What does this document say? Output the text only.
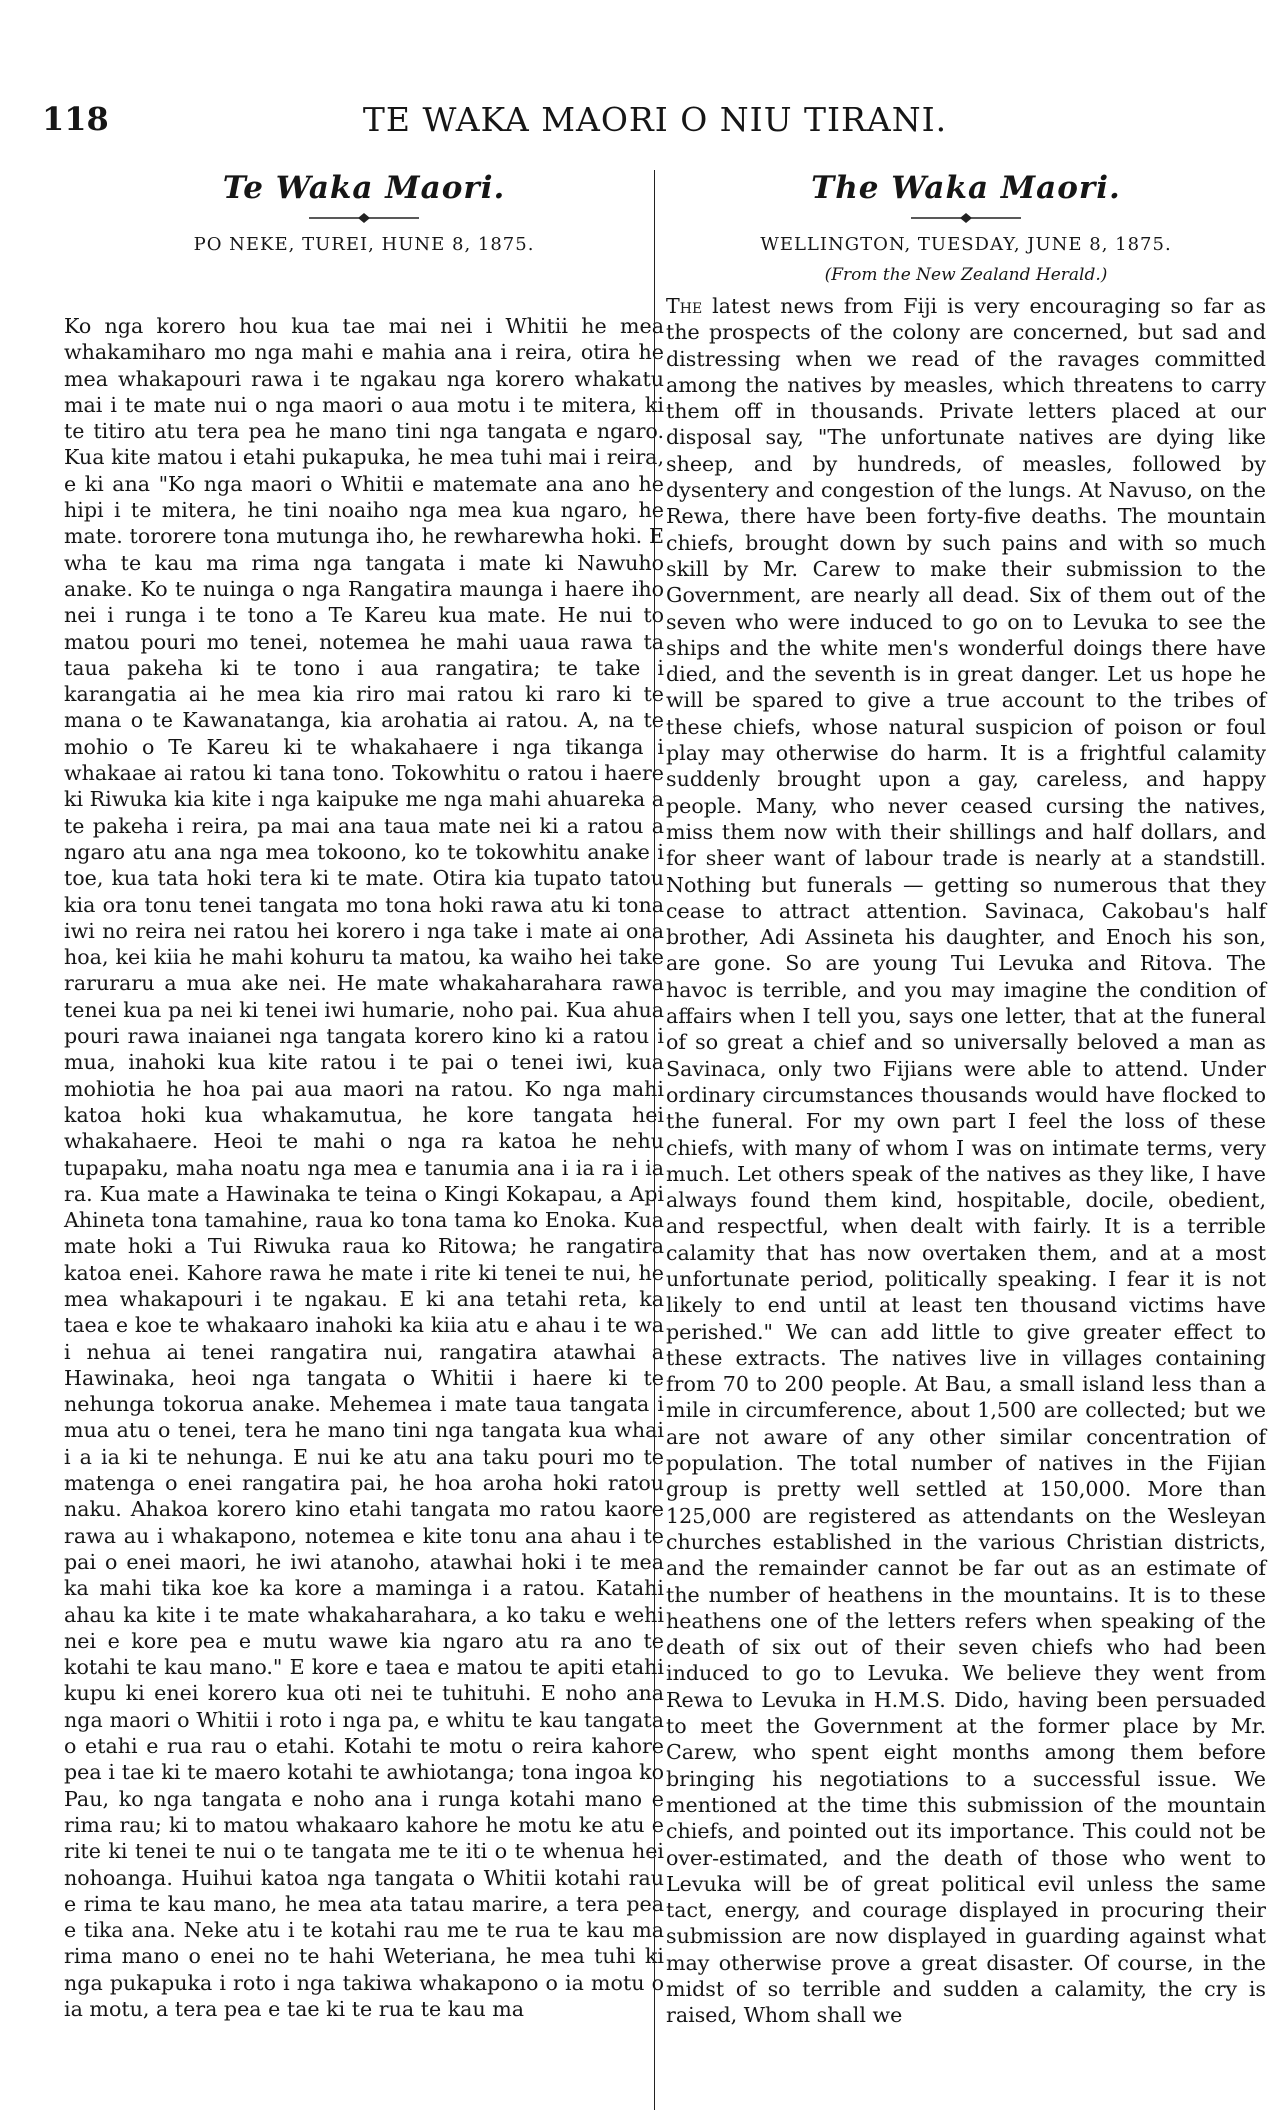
118	TE WAKA MAORI O NIU TIRANI.
Te Waka Maori.
PO NEKE, TUREI, HUNE 8, 1875.

Ko nga korero hou kua tae mai nei i Whitii he mea whakamiharo mo nga mahi e mahia ana i reira, otira he mea whakapouri rawa i te ngakau nga korero whakatu mai i te mate nui o nga maori o aua motu i te mitera, ki te titiro atu tera pea he mano tini nga tangata e ngaro. Kua kite matou i etahi pukapuka, he mea tuhi mai i reira, e ki ana "Ko nga maori o Whitii e matemate ana ano he hipi i te mitera, he tini noaiho nga mea kua ngaro, he mate. tororere tona mutunga iho, he rewharewha hoki. E wha te kau ma rima nga tangata i mate ki Nawuho anake. Ko te nuinga o nga Rangatira maunga i haere iho nei i runga i te tono a Te Kareu kua mate. He nui to matou pouri mo tenei, notemea he mahi uaua rawa ta taua pakeha ki te tono i aua rangatira; te take i karangatia ai he mea kia riro mai ratou ki raro ki te mana o te Kawanatanga, kia arohatia ai ratou. A, na te mohio o Te Kareu ki te whakahaere i nga tikanga i whakaae ai ratou ki tana tono. Tokowhitu o ratou i haere ki Riwuka kia kite i nga kaipuke me nga mahi ahuareka a te pakeha i reira, pa mai ana taua mate nei ki a ratou a ngaro atu ana nga mea tokoono, ko te tokowhitu anake i toe, kua tata hoki tera ki te mate. Otira kia tupato tatou kia ora tonu tenei tangata mo tona hoki rawa atu ki tona iwi no reira nei ratou hei korero i nga take i mate ai ona hoa, kei kiia he mahi kohuru ta matou, ka waiho hei take raruraru a mua ake nei. He mate whakaharahara rawa tenei kua pa nei ki tenei iwi humarie, noho pai. Kua ahua pouri rawa inaianei nga tangata korero kino ki a ratou i mua, inahoki kua kite ratou i te pai o tenei iwi, kua mohiotia he hoa pai aua maori na ratou. Ko nga mahi katoa hoki kua whakamutua, he kore tangata hei whakahaere. Heoi te mahi o nga ra katoa he nehu tupapaku, maha noatu nga mea e tanumia ana i ia ra i ia ra. Kua mate a Hawinaka te teina o Kingi Kokapau, a Api Ahineta tona tamahine, raua ko tona tama ko Enoka. Kua mate hoki a Tui Riwuka raua ko Ritowa; he rangatira katoa enei. Kahore rawa he mate i rite ki tenei te nui, he mea whakapouri i te ngakau. E ki ana tetahi reta, ka taea e koe te whakaaro inahoki ka kiia atu e ahau i te wa i nehua ai tenei rangatira nui, rangatira atawhai a Hawinaka, heoi nga tangata o Whitii i haere ki te nehunga tokorua anake. Mehemea i mate taua tangata i mua atu o tenei, tera he mano tini nga tangata kua whai i a ia ki te nehunga. E nui ke atu ana taku pouri mo te matenga o enei rangatira pai, he hoa aroha hoki ratou naku. Ahakoa korero kino etahi tangata mo ratou kaore rawa au i whakapono, notemea e kite tonu ana ahau i te pai o enei maori, he iwi atanoho, atawhai hoki i te mea ka mahi tika koe ka kore a maminga i a ratou. Katahi ahau ka kite i te mate whakaharahara, a ko taku e wehi nei e kore pea e mutu wawe kia ngaro atu ra ano te kotahi te kau mano." E kore e taea e matou te apiti etahi kupu ki enei korero kua oti nei te tuhituhi. E noho ana nga maori o Whitii i roto i nga pa, e whitu te kau tangata o etahi e rua rau o etahi. Kotahi te motu o reira kahore pea i tae ki te maero kotahi te awhiotanga; tona ingoa ko Pau, ko nga tangata e noho ana i runga kotahi mano e rima rau; ki to matou whakaaro kahore he motu ke atu e rite ki tenei te nui o te tangata me te iti o te whenua hei nohoanga. Huihui katoa nga tangata o Whitii kotahi rau e rima te kau mano, he mea ata tatau marire, a tera pea e tika ana. Neke atu i te kotahi rau me te rua te kau ma rima mano o enei no te hahi Weteriana, he mea tuhi ki nga pukapuka i roto i nga takiwa whakapono o ia motu o ia motu, a tera pea e tae ki te rua te kau ma

The Waka Maori.
WELLINGTON, TUESDAY, JUNE 8, 1875.
(From the New Zealand Herald.)

The latest news from Fiji is very encouraging so far as the prospects of the colony are concerned, but sad and distressing when we read of the ravages committed among the natives by measles, which threatens to carry them off in thousands. Private letters placed at our disposal say, "The unfortunate natives are dying like sheep, and by hundreds, of measles, followed by dysentery and congestion of the lungs. At Navuso, on the Rewa, there have been forty-five deaths. The mountain chiefs, brought down by such pains and with so much skill by Mr. Carew to make their submission to the Government, are nearly all dead. Six of them out of the seven who were induced to go on to Levuka to see the ships and the white men's wonderful doings there have died, and the seventh is in great danger. Let us hope he will be spared to give a true account to the tribes of these chiefs, whose natural suspicion of poison or foul play may otherwise do harm. It is a frightful calamity suddenly brought upon a gay, careless, and happy people. Many, who never ceased cursing the natives, miss them now with their shillings and half dollars, and for sheer want of labour trade is nearly at a standstill. Nothing but funerals — getting so numerous that they cease to attract attention. Savinaca, Cakobau's half brother, Adi Assineta his daughter, and Enoch his son, are gone. So are young Tui Levuka and Ritova. The havoc is terrible, and you may imagine the condition of affairs when I tell you, says one letter, that at the funeral of so great a chief and so universally beloved a man as Savinaca, only two Fijians were able to attend. Under ordinary circumstances thousands would have flocked to the funeral. For my own part I feel the loss of these chiefs, with many of whom I was on intimate terms, very much. Let others speak of the natives as they like, I have always found them kind, hospitable, docile, obedient, and respectful, when dealt with fairly. It is a terrible calamity that has now overtaken them, and at a most unfortunate period, politically speaking. I fear it is not likely to end until at least ten thousand victims have perished." We can add little to give greater effect to these extracts. The natives live in villages containing from 70 to 200 people. At Bau, a small island less than a mile in circumference, about 1,500 are collected; but we are not aware of any other similar concentration of population. The total number of natives in the Fijian group is pretty well settled at 150,000. More than 125,000 are registered as attendants on the Wesleyan churches established in the various Christian districts, and the remainder cannot be far out as an estimate of the number of heathens in the mountains. It is to these heathens one of the letters refers when speaking of the death of six out of their seven chiefs who had been induced to go to Levuka. We believe they went from Rewa to Levuka in H.M.S. Dido, having been persuaded to meet the Government at the former place by Mr. Carew, who spent eight months among them before bringing his negotiations to a successful issue. We mentioned at the time this submission of the mountain chiefs, and pointed out its importance. This could not be over-estimated, and the death of those who went to Levuka will be of great political evil unless the same tact, energy, and courage displayed in procuring their submission are now displayed in guarding against what may otherwise prove a great disaster. Of course, in the midst of so terrible and sudden a calamity, the cry is raised, Whom shall we
